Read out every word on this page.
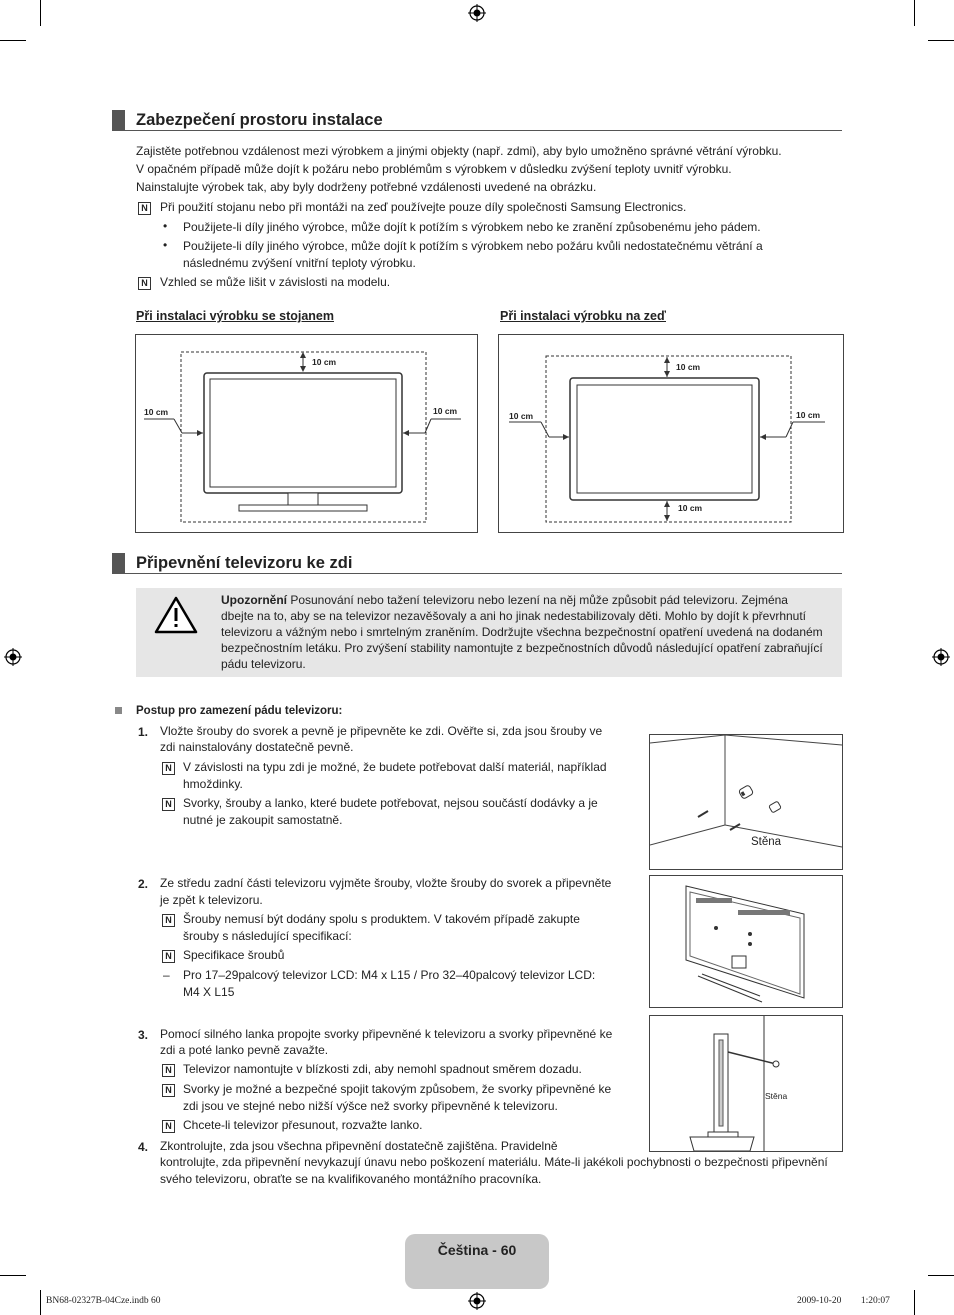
Zabezpečení prostoru instalace
Zajistěte potřebnou vzdálenost mezi výrobkem a jinými objekty (např. zdmi), aby bylo umožněno správné větrání výrobku.
V opačném případě může dojít k požáru nebo problémům s výrobkem v důsledku zvýšení teploty uvnitř výrobku.
Nainstalujte výrobek tak, aby byly dodrženy potřebné vzdálenosti uvedené na obrázku.
N Při použití stojanu nebo při montáži na zeď používejte pouze díly společnosti Samsung Electronics.
• Použijete-li díly jiného výrobce, může dojít k potížím s výrobkem nebo ke zranění způsobenému jeho pádem.
• Použijete-li díly jiného výrobce, může dojít k potížím s výrobkem nebo požáru kvůli nedostatečnému větrání a
následnému zvýšení vnitřní teploty výrobku.
N Vzhled se může lišit v závislosti na modelu.
Při instalaci výrobku se stojanem	Při instalaci výrobku na zeď
10 cm
10 cm	10 cm
10 cm
10 cm	10 cm
10 cm
Připevnění televizoru ke zdi
Upozornění Posunování nebo tažení televizoru nebo lezení na něj může způsobit pád televizoru. Zejména
dbejte na to, aby se na televizor nezavěšovaly a ani ho jinak nedestabilizovaly děti. Mohlo by dojít k převrhnutí
televizoru a vážným nebo i smrtelným zraněním. Dodržujte všechna bezpečnostní opatření uvedená na dodaném
bezpečnostním letáku. Pro zvýšení stability namontujte z bezpečnostních důvodů následující opatření zabraňující
pádu televizoru.
Postup pro zamezení pádu televizoru:
1. Vložte šrouby do svorek a pevně je připevněte ke zdi. Ověřte si, zda jsou šrouby ve
zdi nainstalovány dostatečně pevně.
N V závislosti na typu zdi je možné, že budete potřebovat další materiál, například
hmoždinky.
N Svorky, šrouby a lanko, které budete potřebovat, nejsou součástí dodávky a je
nutné je zakoupit samostatně.
Stěna
2. Ze středu zadní části televizoru vyjměte šrouby, vložte šrouby do svorek a připevněte
je zpět k televizoru.
N Šrouby nemusí být dodány spolu s produktem. V takovém případě zakupte
šrouby s následující specifikací:
N Specifikace šroubů
– Pro 17–29palcový televizor LCD: M4 x L15 / Pro 32–40palcový televizor LCD:
M4 X L15
3. Pomocí silného lanka propojte svorky připevněné k televizoru a svorky připevněné ke
zdi a poté lanko pevně zavažte.
N Televizor namontujte v blízkosti zdi, aby nemohl spadnout směrem dozadu.
N Svorky je možné a bezpečné spojit takovým způsobem, že svorky připevněné ke
zdi jsou ve stejné nebo nižší výšce než svorky připevněné k televizoru.
N Chcete-li televizor přesunout, rozvažte lanko.
Stěna
4. Zkontrolujte, zda jsou všechna připevnění dostatečně zajištěna. Pravidelně
kontrolujte, zda připevnění nevykazují únavu nebo poškození materiálu. Máte-li jakékoli pochybnosti o bezpečnosti připevnění
svého televizoru, obraťte se na kvalifikovaného montážního pracovníka.
Čeština - 60
BN68-02327B-04Cze.indb 60	2009-10-20 ￿￿ 1:20:07
